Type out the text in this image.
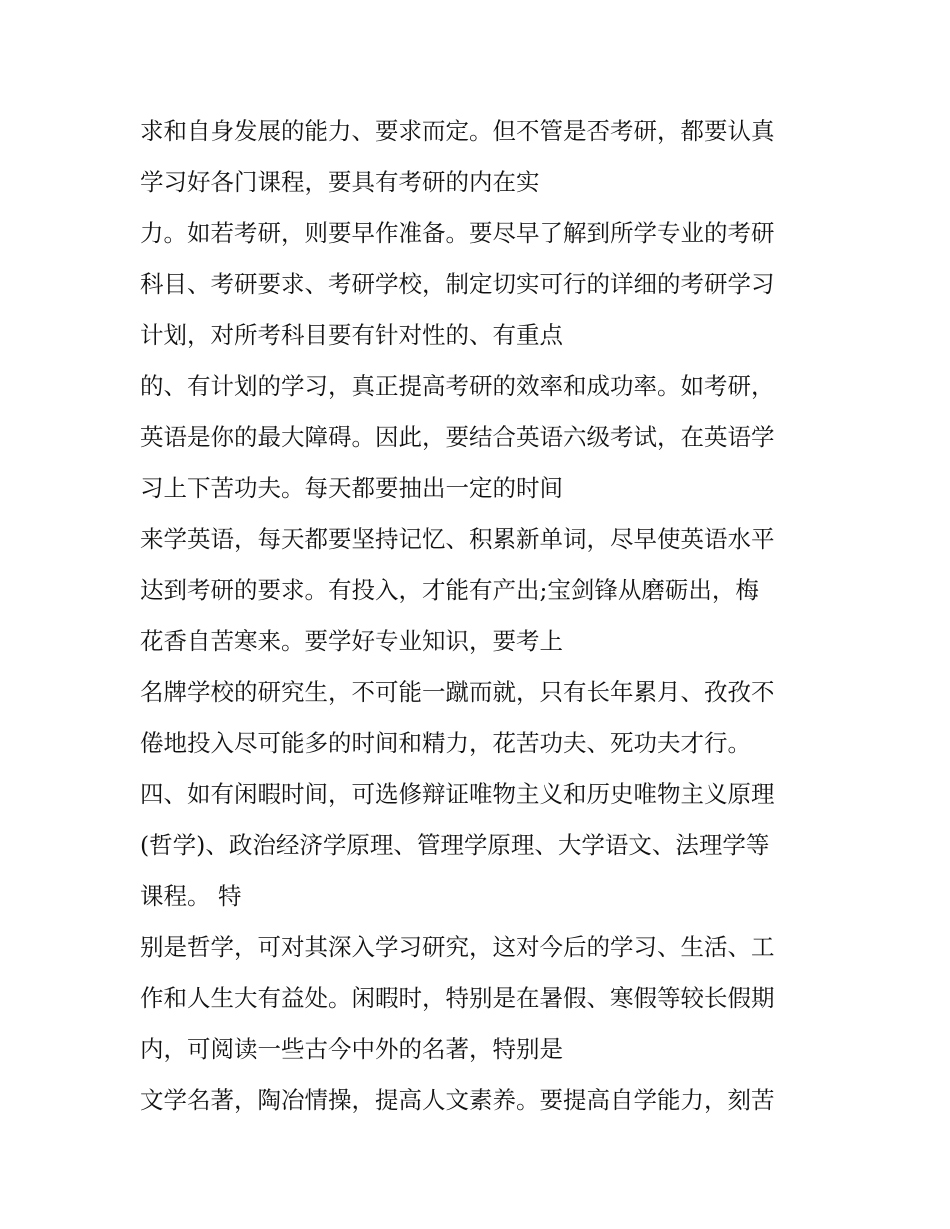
求和自身发展的能力、要求而定。但不管是否考研，都要认真
学习好各门课程，要具有考研的内在实
力。如若考研，则要早作准备。要尽早了解到所学专业的考研
科目、考研要求、考研学校，制定切实可行的详细的考研学习
计划，对所考科目要有针对性的、有重点
的、有计划的学习，真正提高考研的效率和成功率。如考研，
英语是你的最大障碍。因此，要结合英语六级考试，在英语学
习上下苦功夫。每天都要抽出一定的时间
来学英语，每天都要坚持记忆、积累新单词，尽早使英语水平
达到考研的要求。有投入，才能有产出;宝剑锋从磨砺出，梅
花香自苦寒来。要学好专业知识，要考上
名牌学校的研究生，不可能一蹴而就，只有长年累月、孜孜不
倦地投入尽可能多的时间和精力，花苦功夫、死功夫才行。
四、如有闲暇时间，可选修辩证唯物主义和历史唯物主义原理
(哲学)、政治经济学原理、管理学原理、大学语文、法理学等
课程。 特
别是哲学，可对其深入学习研究，这对今后的学习、生活、工
作和人生大有益处。闲暇时，特别是在暑假、寒假等较长假期
内，可阅读一些古今中外的名著，特别是
文学名著，陶冶情操，提高人文素养。要提高自学能力，刻苦
